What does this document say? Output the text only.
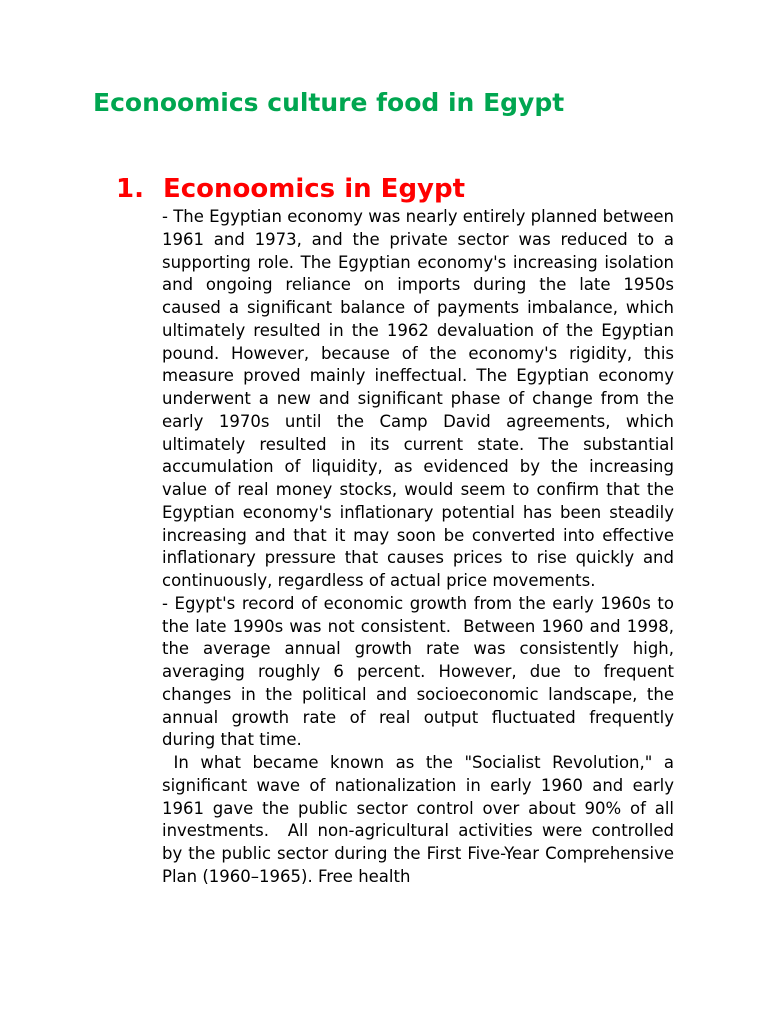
Econoomics culture food in Egypt
1. Econoomics in Egypt

- The Egyptian economy was nearly entirely planned between 1961 and 1973, and the private sector was reduced to a supporting role. The Egyptian economy's increasing isolation and ongoing reliance on imports during the late 1950s caused a significant balance of payments imbalance, which ultimately resulted in the 1962 devaluation of the Egyptian pound. However, because of the economy's rigidity, this measure proved mainly ineffectual. The Egyptian economy underwent a new and significant phase of change from the early 1970s until the Camp David agreements, which ultimately resulted in its current state. The substantial accumulation of liquidity, as evidenced by the increasing value of real money stocks, would seem to confirm that the Egyptian economy's inflationary potential has been steadily increasing and that it may soon be converted into effective inflationary pressure that causes prices to rise quickly and continuously, regardless of actual price movements.

- Egypt's record of economic growth from the early 1960s to the late 1990s was not consistent.  Between 1960 and 1998, the average annual growth rate was consistently high, averaging roughly 6 percent. However, due to frequent changes in the political and socioeconomic landscape, the annual growth rate of real output fluctuated frequently during that time.

In what became known as the "Socialist Revolution," a significant wave of nationalization in early 1960 and early 1961 gave the public sector control over about 90% of all investments.  All non-agricultural activities were controlled by the public sector during the First Five-Year Comprehensive Plan (1960–1965). Free health
